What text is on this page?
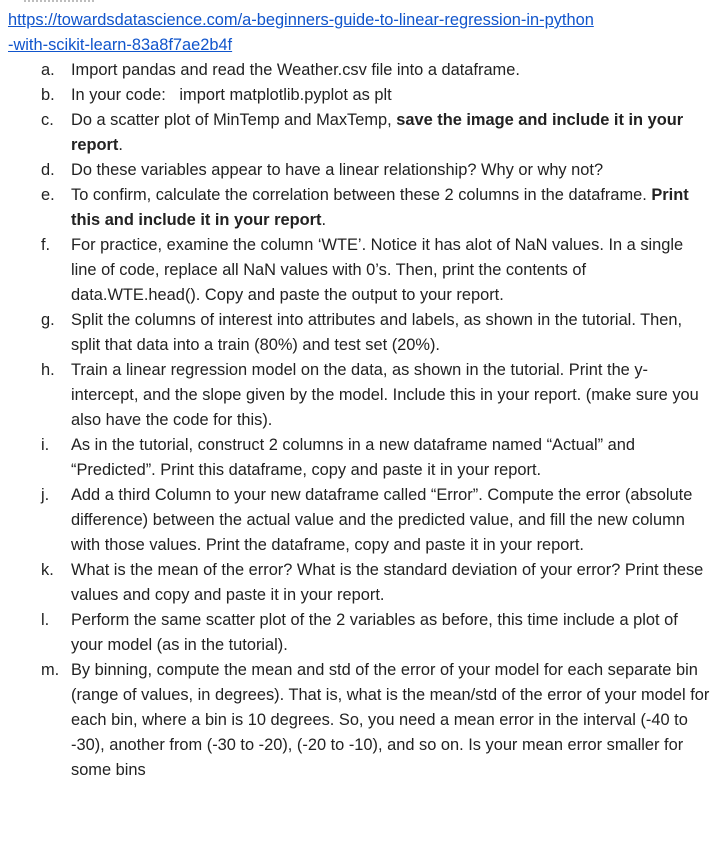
https://towardsdatascience.com/a-beginners-guide-to-linear-regression-in-python
-with-scikit-learn-83a8f7ae2b4f
a. Import pandas and read the Weather.csv file into a dataframe.
b. In your code:   import matplotlib.pyplot as plt
c.	Do a scatter plot of MinTemp and MaxTemp, save the image and include it in your report.
d. Do these variables appear to have a linear relationship? Why or why not?
e. To confirm, calculate the correlation between these 2 columns in the dataframe. Print this and include it in your report.
f.	For practice, examine the column ‘WTE’. Notice it has alot of NaN values. In a single line of code, replace all NaN values with 0’s. Then, print the contents of data.WTE.head(). Copy and paste the output to your report.
g. Split the columns of interest into attributes and labels, as shown in the tutorial. Then, split that data into a train (80%) and test set (20%).
h. Train a linear regression model on the data, as shown in the tutorial. Print the y-intercept, and the slope given by the model. Include this in your report. (make sure you also have the code for this).
i.	As in the tutorial, construct 2 columns in a new dataframe named “Actual” and “Predicted”. Print this dataframe, copy and paste it in your report.
j.	Add a third Column to your new dataframe called “Error”. Compute the error (absolute difference) between the actual value and the predicted value, and fill the new column with those values. Print the dataframe, copy and paste it in your report.
k.	What is the mean of the error? What is the standard deviation of your error? Print these values and copy and paste it in your report.
l.	Perform the same scatter plot of the 2 variables as before, this time include a plot of your model (as in the tutorial).
m. By binning, compute the mean and std of the error of your model for each separate bin (range of values, in degrees). That is, what is the mean/std of the error of your model for each bin, where a bin is 10 degrees. So, you need a mean error in the interval (-40 to -30), another from (-30 to -20), (-20 to -10), and so on. Is your mean error smaller for some bins
